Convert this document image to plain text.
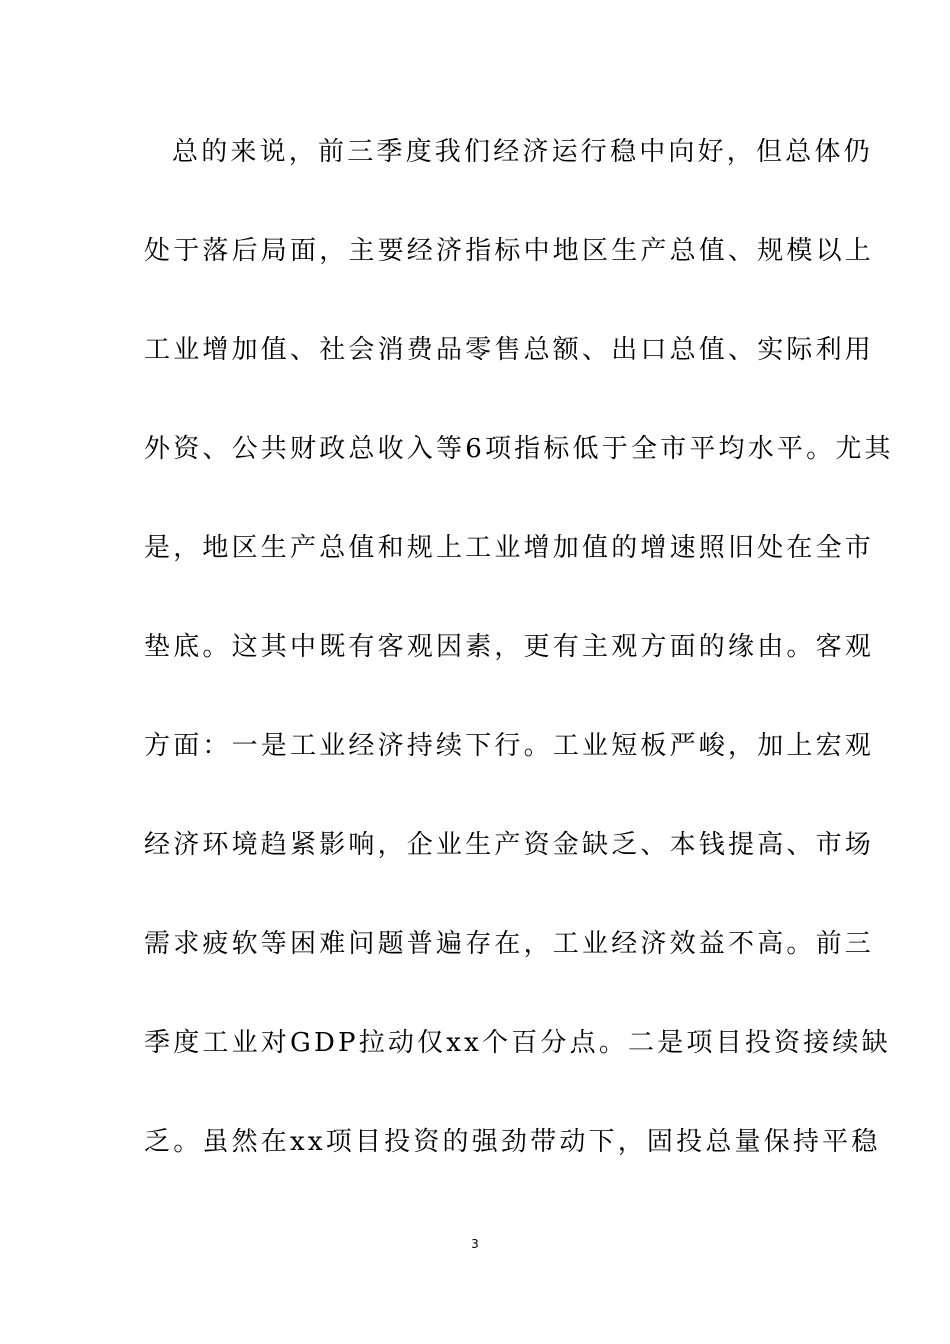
总的来说，前三季度我们经济运行稳中向好，但总体仍
处于落后局面，主要经济指标中地区生产总值、规模以上
工业增加值、社会消费品零售总额、出口总值、实际利用
外资、公共财政总收入等6项指标低于全市平均水平。尤其
是，地区生产总值和规上工业增加值的增速照旧处在全市
垫底。这其中既有客观因素，更有主观方面的缘由。客观
方面：一是工业经济持续下行。工业短板严峻，加上宏观
经济环境趋紧影响，企业生产资金缺乏、本钱提高、市场
需求疲软等困难问题普遍存在，工业经济效益不高。前三
季度工业对GDP拉动仅xx个百分点。二是项目投资接续缺
乏。虽然在xx项目投资的强劲带动下，固投总量保持平稳
3
